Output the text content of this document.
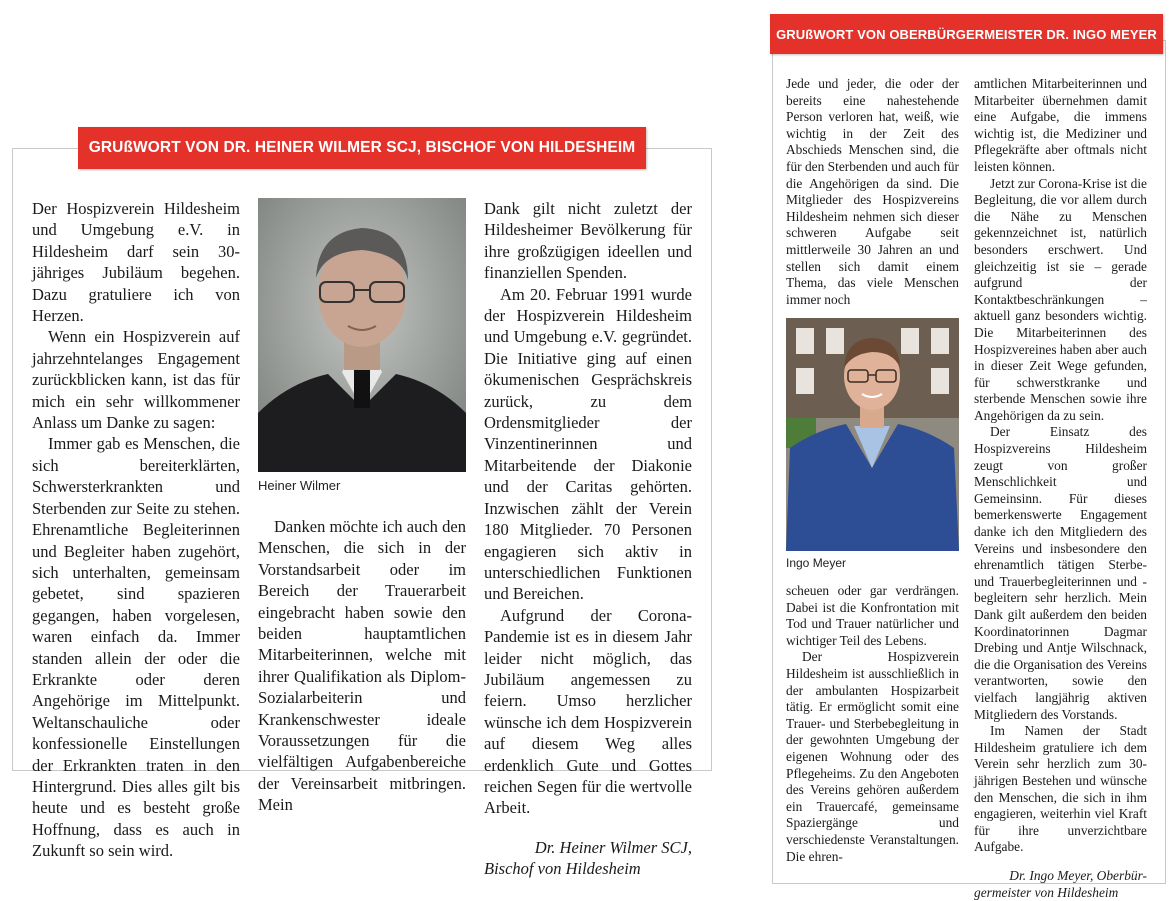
GRUßWORT VON DR. HEINER WILMER SCJ, BISCHOF VON HILDESHEIM

Der Hospizverein Hildesheim und Umgebung e.V. in Hildesheim darf sein 30-jähriges Jubiläum begehen. Dazu gratuliere ich von Herzen.

Wenn ein Hospizverein auf jahrzehntelanges Engagement zurückblicken kann, ist das für mich ein sehr willkommener Anlass um Danke zu sagen:

Immer gab es Menschen, die sich bereiterklärten, Schwersterkrankten und Sterbenden zur Seite zu stehen. Ehrenamtliche Begleiterinnen und Begleiter haben zugehört, sich unterhalten, gemeinsam gebetet, sind spazieren gegangen, haben vorgelesen, waren einfach da. Immer standen allein der oder die Erkrankte oder deren Angehörige im Mittelpunkt. Weltanschauliche oder konfessionelle Einstellungen der Erkrankten traten in den Hintergrund. Dies alles gilt bis heute und es besteht große Hoffnung, dass es auch in Zukunft so sein wird.

Heiner Wilmer

Danken möchte ich auch den Menschen, die sich in der Vorstandsarbeit oder im Bereich der Trauerarbeit eingebracht haben sowie den beiden hauptamtlichen Mitarbeiterinnen, welche mit ihrer Qualifikation als Diplom-Sozialarbeiterin und Krankenschwester ideale Voraussetzungen für die vielfältigen Aufgabenbereiche der Vereinsarbeit mitbringen. Mein

Dank gilt nicht zuletzt der Hildesheimer Bevölkerung für ihre großzügigen ideellen und finanziellen Spenden.

Am 20. Februar 1991 wurde der Hospizverein Hildesheim und Umgebung e.V. gegründet. Die Initiative ging auf einen ökumenischen Gesprächskreis zurück, zu dem Ordensmitglieder der Vinzentinerinnen und Mitarbeitende der Diakonie und der Caritas gehörten. Inzwischen zählt der Verein 180 Mitglieder. 70 Personen engagieren sich aktiv in unterschiedlichen Funktionen und Bereichen.

Aufgrund der Corona-Pandemie ist es in diesem Jahr leider nicht möglich, das Jubiläum angemessen zu feiern. Umso herzlicher wünsche ich dem Hospizverein auf diesem Weg alles erdenklich Gute und Gottes reichen Segen für die wertvolle Arbeit.

Dr. Heiner Wilmer SCJ,
Bischof von Hildesheim
GRUßWORT VON OBERBÜRGERMEISTER DR. INGO MEYER

Jede und jeder, die oder der bereits eine nahestehende Person verloren hat, weiß, wie wichtig in der Zeit des Abschieds Menschen sind, die für den Sterbenden und auch für die Angehörigen da sind. Die Mitglieder des Hospizvereins Hildesheim nehmen sich dieser schweren Aufgabe seit mittlerweile 30 Jahren an und stellen sich damit einem Thema, das viele Menschen immer noch

Ingo Meyer

scheuen oder gar verdrängen. Dabei ist die Konfrontation mit Tod und Trauer natürlicher und wichtiger Teil des Lebens.

Der Hospizverein Hildesheim ist ausschließlich in der ambulanten Hospizarbeit tätig. Er ermöglicht somit eine Trauer- und Sterbebegleitung in der gewohnten Umgebung der eigenen Wohnung oder des Pflegeheims. Zu den Angeboten des Vereins gehören außerdem ein Trauercafé, gemeinsame Spaziergänge und verschiedenste Veranstaltungen. Die ehren-

amtlichen Mitarbeiterinnen und Mitarbeiter übernehmen damit eine Aufgabe, die immens wichtig ist, die Mediziner und Pflegekräfte aber oftmals nicht leisten können.

Jetzt zur Corona-Krise ist die Begleitung, die vor allem durch die Nähe zu Menschen gekennzeichnet ist, natürlich besonders erschwert. Und gleichzeitig ist sie – gerade aufgrund der Kontaktbeschränkungen – aktuell ganz besonders wichtig. Die Mitarbeiterinnen des Hospizvereines haben aber auch in dieser Zeit Wege gefunden, für schwerstkranke und sterbende Menschen sowie ihre Angehörigen da zu sein.

Der Einsatz des Hospizvereins Hildesheim zeugt von großer Menschlichkeit und Gemeinsinn. Für dieses bemerkenswerte Engagement danke ich den Mitgliedern des Vereins und insbesondere den ehrenamtlich tätigen Sterbe- und Trauerbegleiterinnen und -begleitern sehr herzlich. Mein Dank gilt außerdem den beiden Koordinatorinnen Dagmar Drebing und Antje Wilschnack, die die Organisation des Vereins verantworten, sowie den vielfach langjährig aktiven Mitgliedern des Vorstands.

Im Namen der Stadt Hildesheim gratuliere ich dem Verein sehr herzlich zum 30-jährigen Bestehen und wünsche den Menschen, die sich in ihm engagieren, weiterhin viel Kraft für ihre unverzichtbare Aufgabe.

Dr. Ingo Meyer, Oberbür-
germeister von Hildesheim
